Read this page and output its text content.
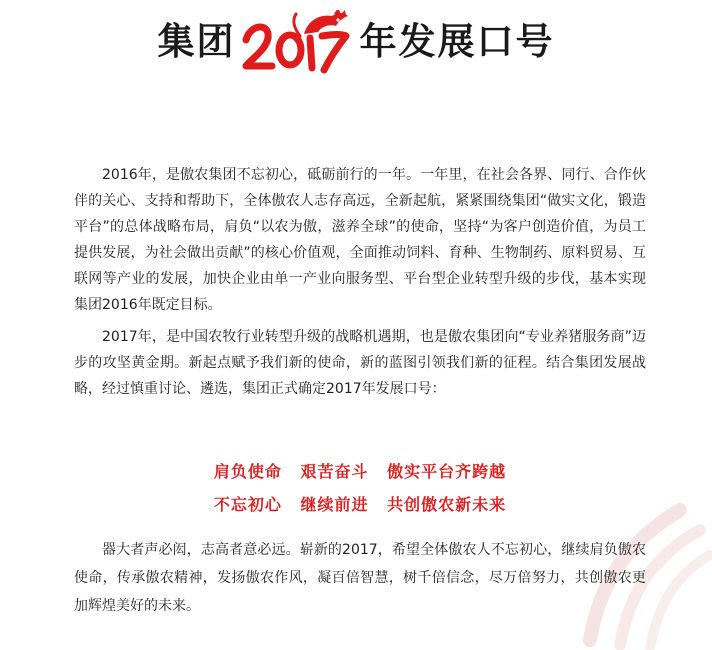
集团	年发展口号

2016年，是傲农集团不忘初心，砥砺前行的一年。一年里，在社会各界、同行、合作伙伴的关心、支持和帮助下，全体傲农人志存高远，全新起航，紧紧围绕集团“做实文化，锻造平台”的总体战略布局，肩负“以农为傲，滋养全球”的使命，坚持“为客户创造价值，为员工提供发展，为社会做出贡献”的核心价值观，全面推动饲料、育种、生物制药、原料贸易、互联网等产业的发展，加快企业由单一产业向服务型、平台型企业转型升级的步伐，基本实现集团2016年既定目标。

2017年，是中国农牧行业转型升级的战略机遇期，也是傲农集团向“专业养猪服务商”迈步的攻坚黄金期。新起点赋予我们新的使命，新的蓝图引领我们新的征程。结合集团发展战略，经过慎重讨论、遴选，集团正式确定2017年发展口号：

肩负使命 艰苦奋斗 傲实平台齐跨越
不忘初心 继续前进 共创傲农新未来

器大者声必闳，志高者意必远。崭新的2017，希望全体傲农人不忘初心，继续肩负傲农使命，传承傲农精神，发扬傲农作风，凝百倍智慧，树千倍信念，尽万倍努力，共创傲农更加辉煌美好的未来。
